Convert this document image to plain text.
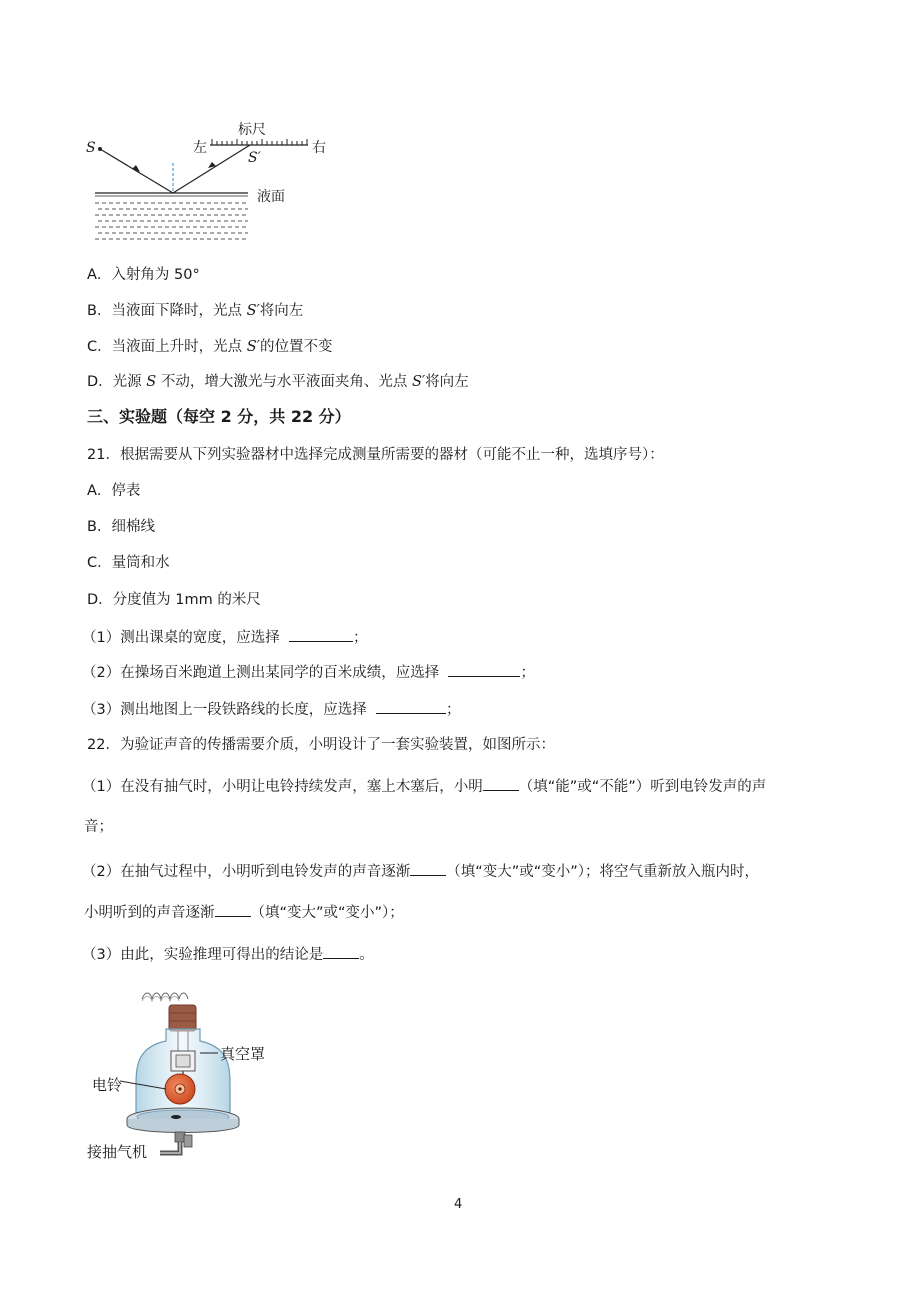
S
S′
标尺
左	右
液面
A．入射角为 50°
B．当液面下降时，光点 S′将向左
C．当液面上升时，光点 S′的位置不变
D．光源 S 不动，增大激光与水平液面夹角、光点 S′将向左
三、实验题（每空 2 分，共 22 分）
21．根据需要从下列实验器材中选择完成测量所需要的器材（可能不止一种，选填序号）：
A．停表
B．细棉线
C．量筒和水
D．分度值为 1mm 的米尺
（1）测出课桌的宽度，应选择	；
（2）在操场百米跑道上测出某同学的百米成绩，应选择	；
（3）测出地图上一段铁路线的长度，应选择	；
22．为验证声音的传播需要介质，小明设计了一套实验装置，如图所示：
（1）在没有抽气时，小明让电铃持续发声，塞上木塞后，小明 （填“能”或“不能”）听到电铃发声的声
音；
（2）在抽气过程中，小明听到电铃发声的声音逐渐 （填“变大”或“变小”）；将空气重新放入瓶内时，
小明听到的声音逐渐 （填“变大”或“变小”）；
（3）由此，实验推理可得出的结论是 。
真空罩
电铃
接抽气机
4
